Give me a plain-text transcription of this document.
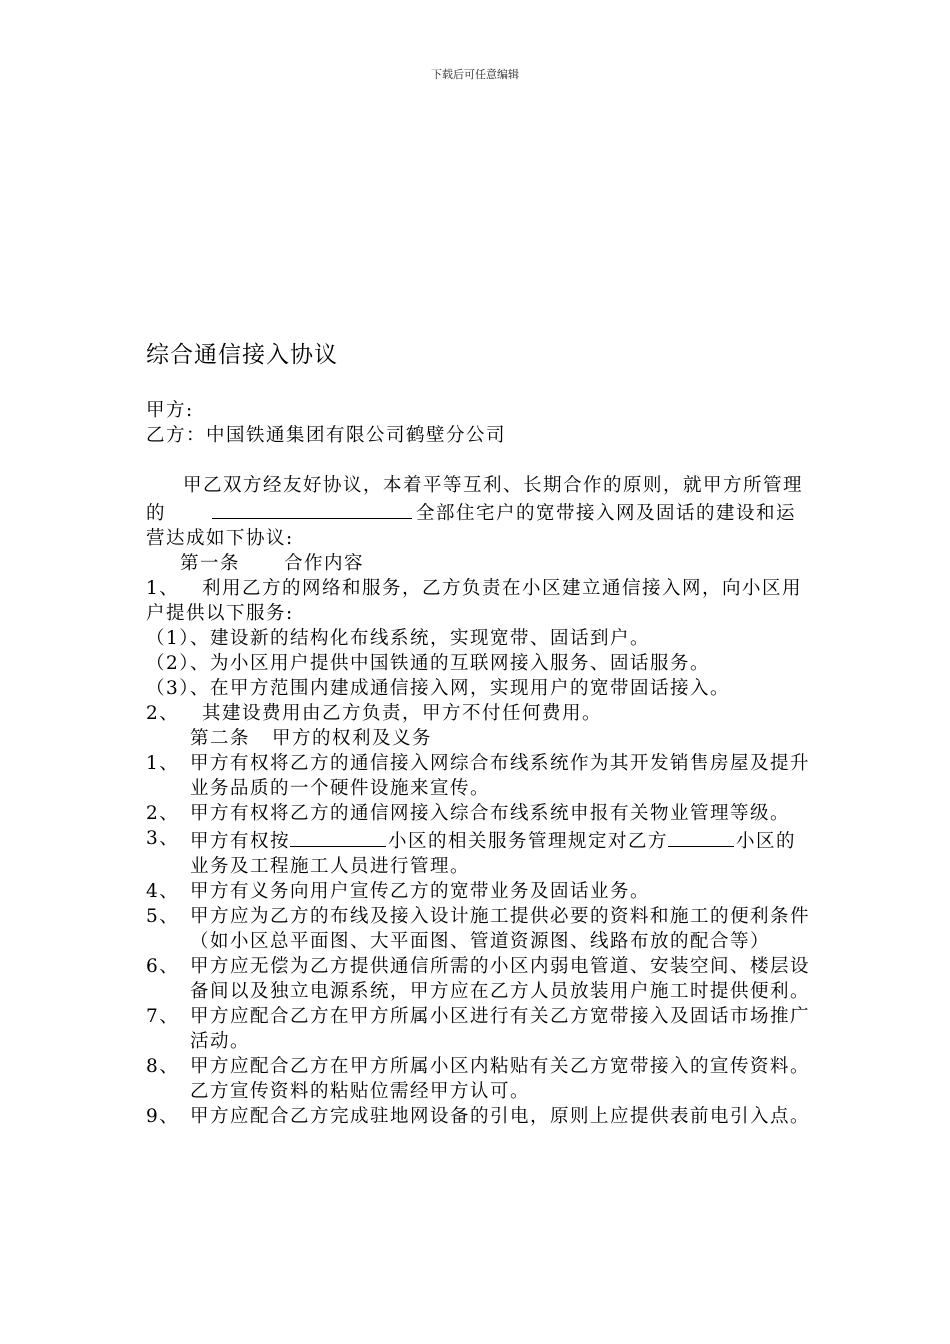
下载后可任意编辑
综合通信接入协议

甲方:

乙方：中国铁通集团有限公司鹤壁分公司

甲乙双方经友好协议，本着平等互利、长期合作的原则，就甲方所管理的	全部住宅户的宽带接入网及固话的建设和运营达成如下协议:

第一条 合作内容

1、 利用乙方的网络和服务，乙方负责在小区建立通信接入网，向小区用户提供以下服务:

（1）、建设新的结构化布线系统，实现宽带、固话到户。

（2）、为小区用户提供中国铁通的互联网接入服务、固话服务。

（3）、在甲方范围内建成通信接入网，实现用户的宽带固话接入。

2、 其建设费用由乙方负责，甲方不付任何费用。

第二条 甲方的权利及义务

1、 甲方有权将乙方的通信接入网综合布线系统作为其开发销售房屋及提升业务品质的一个硬件设施来宣传。
2、 甲方有权将乙方的通信网接入综合布线系统申报有关物业管理等级。
3、 甲方有权按	小区的相关服务管理规定对乙方	小区的业务及工程施工人员进行管理。
4、 甲方有义务向用户宣传乙方的宽带业务及固话业务。
5、 甲方应为乙方的布线及接入设计施工提供必要的资料和施工的便利条件（如小区总平面图、大平面图、管道资源图、线路布放的配合等）
6、 甲方应无偿为乙方提供通信所需的小区内弱电管道、安装空间、楼层设备间以及独立电源系统，甲方应在乙方人员放装用户施工时提供便利。
7、 甲方应配合乙方在甲方所属小区进行有关乙方宽带接入及固话市场推广活动。
8、 甲方应配合乙方在甲方所属小区内粘贴有关乙方宽带接入的宣传资料。乙方宣传资料的粘贴位需经甲方认可。
9、 甲方应配合乙方完成驻地网设备的引电，原则上应提供表前电引入点。
